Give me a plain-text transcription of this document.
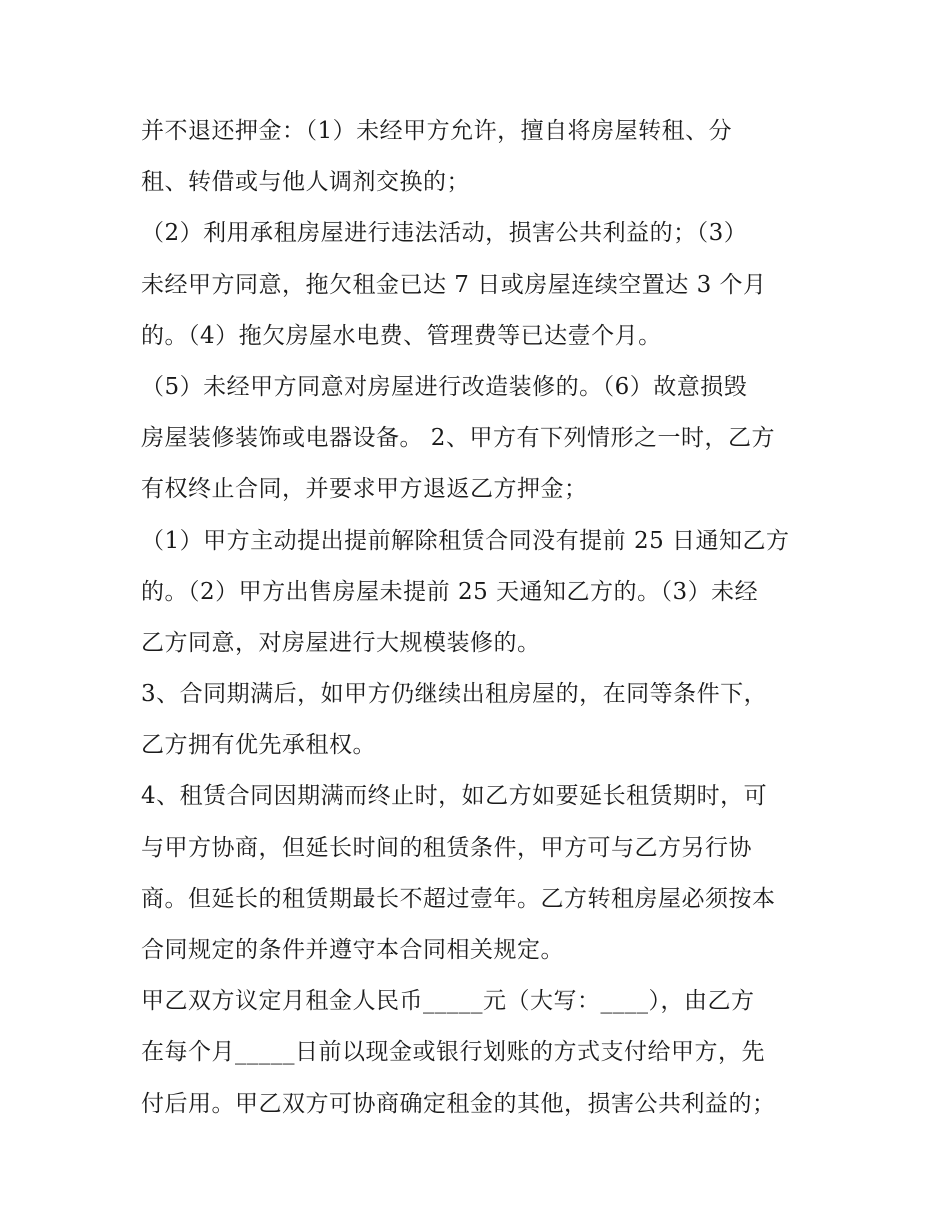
并不退还押金：（1）未经甲方允许，擅自将房屋转租、分
租、转借或与他人调剂交换的；
（2）利用承租房屋进行违法活动，损害公共利益的；（3）
未经甲方同意，拖欠租金已达 7 日或房屋连续空置达 3 个月
的。（4）拖欠房屋水电费、管理费等已达壹个月。
（5）未经甲方同意对房屋进行改造装修的。（6）故意损毁
房屋装修装饰或电器设备。 2、甲方有下列情形之一时，乙方
有权终止合同，并要求甲方退返乙方押金；
（1）甲方主动提出提前解除租赁合同没有提前 25 日通知乙方
的。（2）甲方出售房屋未提前 25 天通知乙方的。（3）未经
乙方同意，对房屋进行大规模装修的。
3、合同期满后，如甲方仍继续出租房屋的，在同等条件下，
乙方拥有优先承租权。
4、租赁合同因期满而终止时，如乙方如要延长租赁期时，可
与甲方协商，但延长时间的租赁条件，甲方可与乙方另行协
商。但延长的租赁期最长不超过壹年。乙方转租房屋必须按本
合同规定的条件并遵守本合同相关规定。
甲乙双方议定月租金人民币_____元（大写：____），由乙方
在每个月_____日前以现金或银行划账的方式支付给甲方，先
付后用。甲乙双方可协商确定租金的其他，损害公共利益的；
